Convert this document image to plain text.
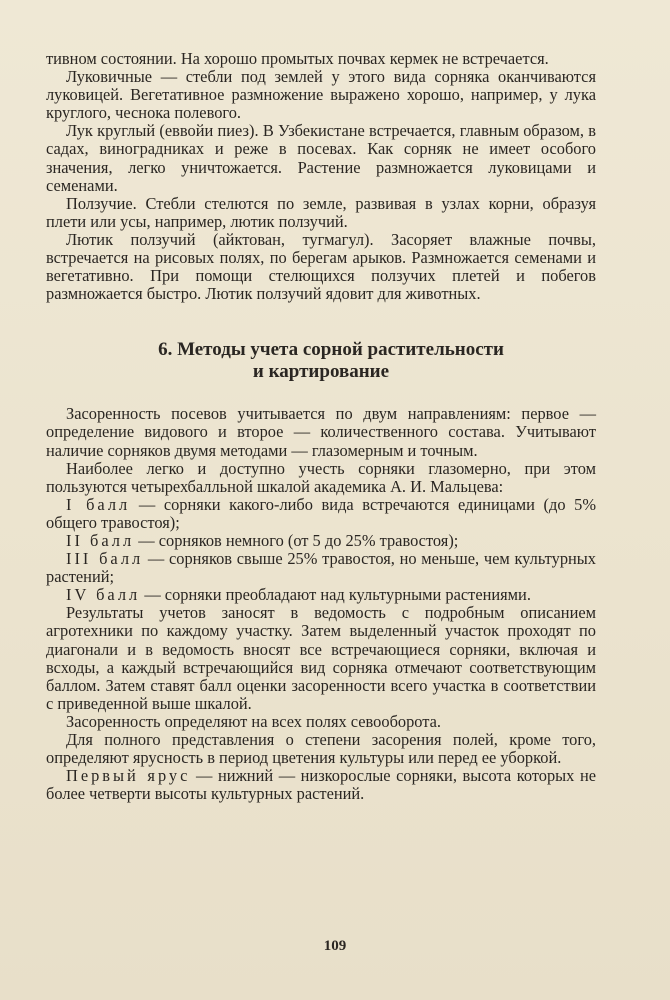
тивном состоянии. На хорошо промытых почвах кермек не встречается.

Луковичные — стебли под землей у этого вида сорняка оканчиваются луковицей. Вегетативное размножение выражено хорошо, например, у лука круглого, чеснока полевого.

Лук круглый (еввойи пиез). В Узбекистане встречается, главным образом, в садах, виноградниках и реже в посевах. Как сорняк не имеет особого значения, легко уничтожается. Растение размножается луковицами и семенами.

Ползучие. Стебли стелются по земле, развивая в узлах корни, образуя плети или усы, например, лютик ползучий.

Лютик ползучий (айктован, тугмагул). Засоряет влажные почвы, встречается на рисовых полях, по берегам арыков. Размножается семенами и вегетативно. При помощи стелющихся ползучих плетей и побегов размножается быстро. Лютик ползучий ядовит для животных.

6. Методы учета сорной растительности
и картирование

Засоренность посевов учитывается по двум направлениям: первое — определение видового и второе — количественного состава. Учитывают наличие сорняков двумя методами — глазомерным и точным.

Наиболее легко и доступно учесть сорняки глазомерно, при этом пользуются четырехбалльной шкалой академика А. И. Мальцева:

I балл — сорняки какого-либо вида встречаются единицами (до 5% общего травостоя);

II балл — сорняков немного (от 5 до 25% травостоя);

III балл — сорняков свыше 25% травостоя, но меньше, чем культурных растений;

IV балл — сорняки преобладают над культурными растениями.

Результаты учетов заносят в ведомость с подробным описанием агротехники по каждому участку. Затем выделенный участок проходят по диагонали и в ведомость вносят все встречающиеся сорняки, включая и всходы, а каждый встречающийся вид сорняка отмечают соответствующим баллом. Затем ставят балл оценки засоренности всего участка в соответствии с приведенной выше шкалой.

Засоренность определяют на всех полях севооборота.

Для полного представления о степени засорения полей, кроме того, определяют ярусность в период цветения культуры или перед ее уборкой.

Первый ярус — нижний — низкорослые сорняки, высота которых не более четверти высоты культурных растений.

109
